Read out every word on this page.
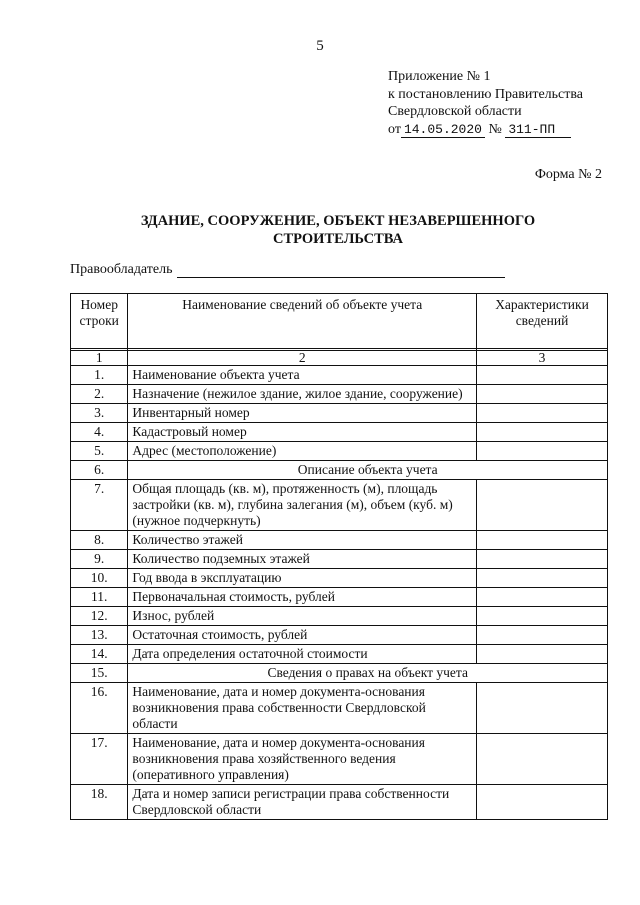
5
Приложение № 1
к постановлению Правительства
Свердловской области
от 14.05.2020 № 311-ПП
Форма № 2
ЗДАНИЕ, СООРУЖЕНИЕ, ОБЪЕКТ НЕЗАВЕРШЕННОГО
СТРОИТЕЛЬСТВА
Правообладатель
Номер строки	Наименование сведений об объекте учета	Характеристики сведений

1	2	3
1.	Наименование объекта учета	
2.	Назначение (нежилое здание, жилое здание, сооружение)	
3.	Инвентарный номер	
4.	Кадастровый номер	
5.	Адрес (местоположение)	
6.	Описание объекта учета	
7.	Общая площадь (кв. м), протяженность (м), площадь застройки (кв. м), глубина залегания (м), объем (куб. м) (нужное подчеркнуть)	
8.	Количество этажей	
9.	Количество подземных этажей	
10.	Год ввода в эксплуатацию	
11.	Первоначальная стоимость, рублей	
12.	Износ, рублей	
13.	Остаточная стоимость, рублей	
14.	Дата определения остаточной стоимости	
15.	Сведения о правах на объект учета	
16.	Наименование, дата и номер документа-основания возникновения права собственности Свердловской области	
17.	Наименование, дата и номер документа-основания возникновения права хозяйственного ведения (оперативного управления)	
18.	Дата и номер записи регистрации права собственности Свердловской области	
